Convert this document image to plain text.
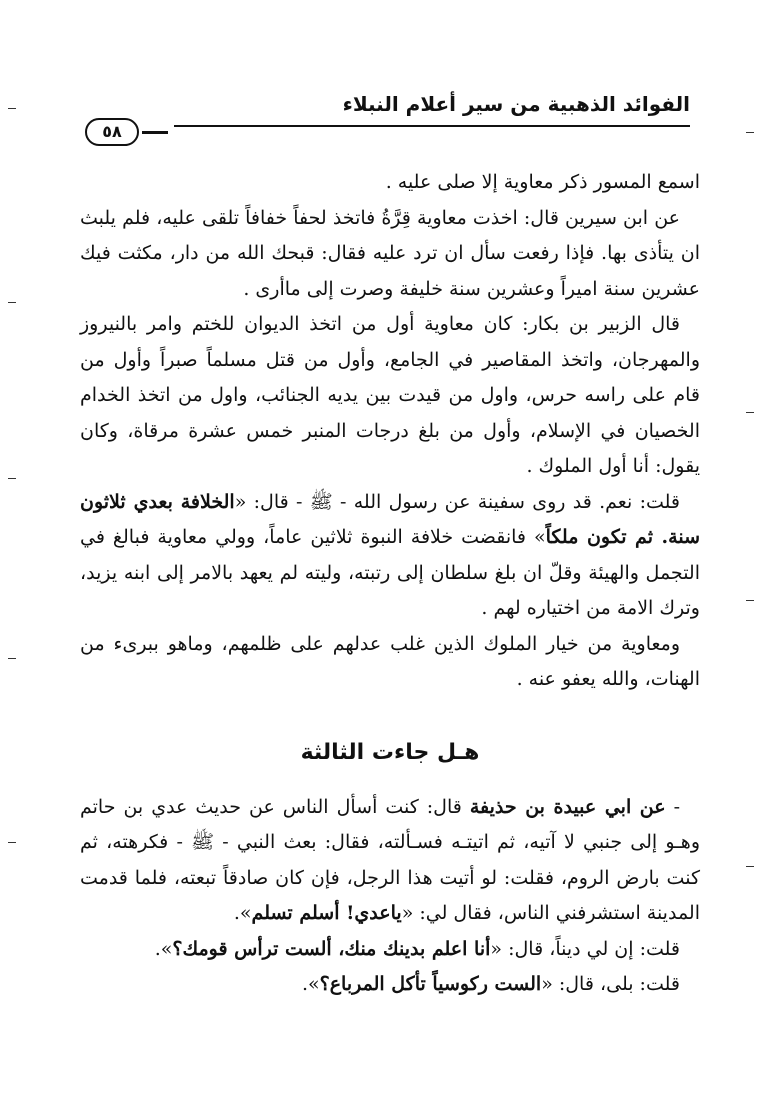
الفوائد الذهبية من سير أعلام النبلاء
٥٨

اسمع المسور ذكر معاوية إلا صلى عليه .

عن ابن سيرين قال: اخذت معاوية قِرَّةُ فاتخذ لحفاً خفافاً تلقى عليه، فلم يلبث ان يتأذى بها. فإذا رفعت سأل ان ترد عليه فقال: قبحك الله من دار، مكثت فيك عشرين سنة اميراً وعشرين سنة خليفة وصرت إلى ماأرى .

قال الزبير بن بكار: كان معاوية أول من اتخذ الديوان للختم وامر بالنيروز والمهرجان، واتخذ المقاصير في الجامع، وأول من قتل مسلماً صبراً وأول من قام على راسه حرس، واول من قيدت بين يديه الجنائب، واول من اتخذ الخدام الخصيان في الإسلام، وأول من بلغ درجات المنبر خمس عشرة مرقاة، وكان يقول: أنا أول الملوك .

قلت: نعم. قد روى سفينة عن رسول الله - ﷺ - قال: «الخلافة بعدي ثلاثون سنة. ثم تكون ملكاً» فانقضت خلافة النبوة ثلاثين عاماً، وولي معاوية فبالغ في التجمل والهيئة وقلّ ان بلغ سلطان إلى رتبته، وليته لم يعهد بالامر إلى ابنه يزيد، وترك الامة من اختياره لهم .

ومعاوية من خيار الملوك الذين غلب عدلهم على ظلمهم، وماهو ببرىء من الهنات، والله يعفو عنه .

هـل جاءت الثالثة

- عن ابي عبيدة بن حذيفة قال: كنت أسأل الناس عن حديث عدي بن حاتم وهـو إلى جنبي لا آتيه، ثم اتيتـه فسـألته، فقال: بعث النبي - ﷺ - فكرهته، ثم كنت بارض الروم، فقلت: لو أتيت هذا الرجل، فإن كان صادقاً تبعته، فلما قدمت المدينة استشرفني الناس، فقال لي: «ياعدي! أسلم تسلم».

قلت: إن لي ديناً، قال: «أنا اعلم بدينك منك، ألست ترأس قومك؟».

قلت: بلى، قال: «الست ركوسياً تأكل المرباع؟».
